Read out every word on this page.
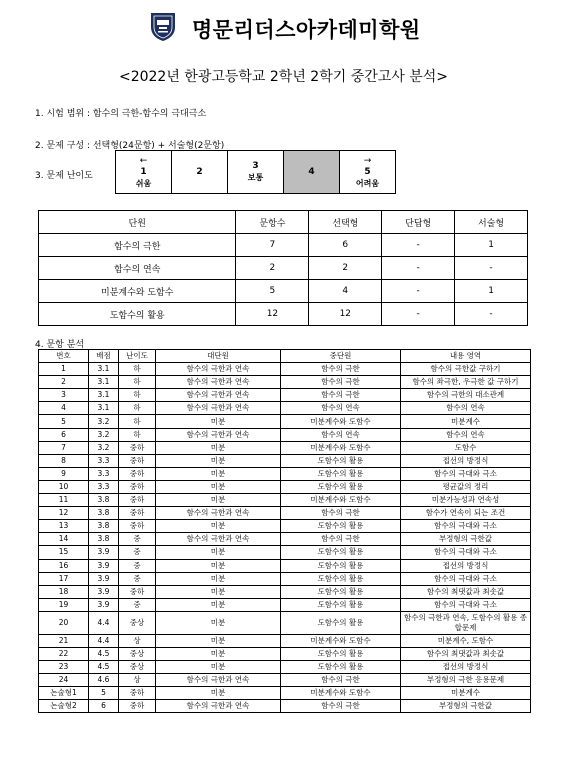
명문리더스아카데미학원
<2022년 한광고등학교 2학년 2학기 중간고사 분석>
1. 시험 범위 : 함수의 극한-함수의 극대극소
2. 문제 구성 : 선택형(24문항) + 서술형(2문항)
3. 문제 난이도
←
1
쉬움

2

3
보통

4

→
5
어려움
단원	문항수	선택형	단답형	서술형
함수의 극한	7	6	-	1
함수의 연속	2	2	-	-
미분계수와 도함수	5	4	-	1
도함수의 활용	12	12	-	-
4. 문항 분석
번호	배점	난이도	대단원	중단원	내용 영역
1	3.1	하	함수의 극한과 연속	함수의 극한	함수의 극한값 구하기
2	3.1	하	함수의 극한과 연속	함수의 극한	함수의 좌극한, 우극한 값 구하기
3	3.1	하	함수의 극한과 연속	함수의 극한	함수의 극한의 대소관계
4	3.1	하	함수의 극한과 연속	함수의 연속	함수의 연속
5	3.2	하	미분	미분계수와 도함수	미분계수
6	3.2	하	함수의 극한과 연속	함수의 연속	함수의 연속
7	3.2	중하	미분	미분계수와 도함수	도함수
8	3.3	중하	미분	도함수의 활용	접선의 방정식
9	3.3	중하	미분	도함수의 활용	함수의 극대와 극소
10	3.3	중하	미분	도함수의 활용	평균값의 정리
11	3.8	중하	미분	미분계수와 도함수	미분가능성과 연속성
12	3.8	중하	함수의 극한과 연속	함수의 극한	함수가 연속이 되는 조건
13	3.8	중하	미분	도함수의 활용	함수의 극대와 극소
14	3.8	중	함수의 극한과 연속	함수의 극한	부정형의 극한값
15	3.9	중	미분	도함수의 활용	함수의 극대와 극소
16	3.9	중	미분	도함수의 활용	접선의 방정식
17	3.9	중	미분	도함수의 활용	함수의 극대와 극소
18	3.9	중하	미분	도함수의 활용	함수의 최댓값과 최솟값
19	3.9	중	미분	도함수의 활용	함수의 극대와 극소
20	4.4	중상	미분	도함수의 활용	함수의 극한과 연속, 도함수의 활용 종합문제
21	4.4	상	미분	미분계수와 도함수	미분계수, 도함수
22	4.5	중상	미분	도함수의 활용	함수의 최댓값과 최솟값
23	4.5	중상	미분	도함수의 활용	접선의 방정식
24	4.6	상	함수의 극한과 연속	함수의 극한	부정형의 극한 응용문제
논술형1	5	중하	미분	미분계수와 도함수	미분계수
논술형2	6	중하	함수의 극한과 연속	함수의 극한	부정형의 극한값
